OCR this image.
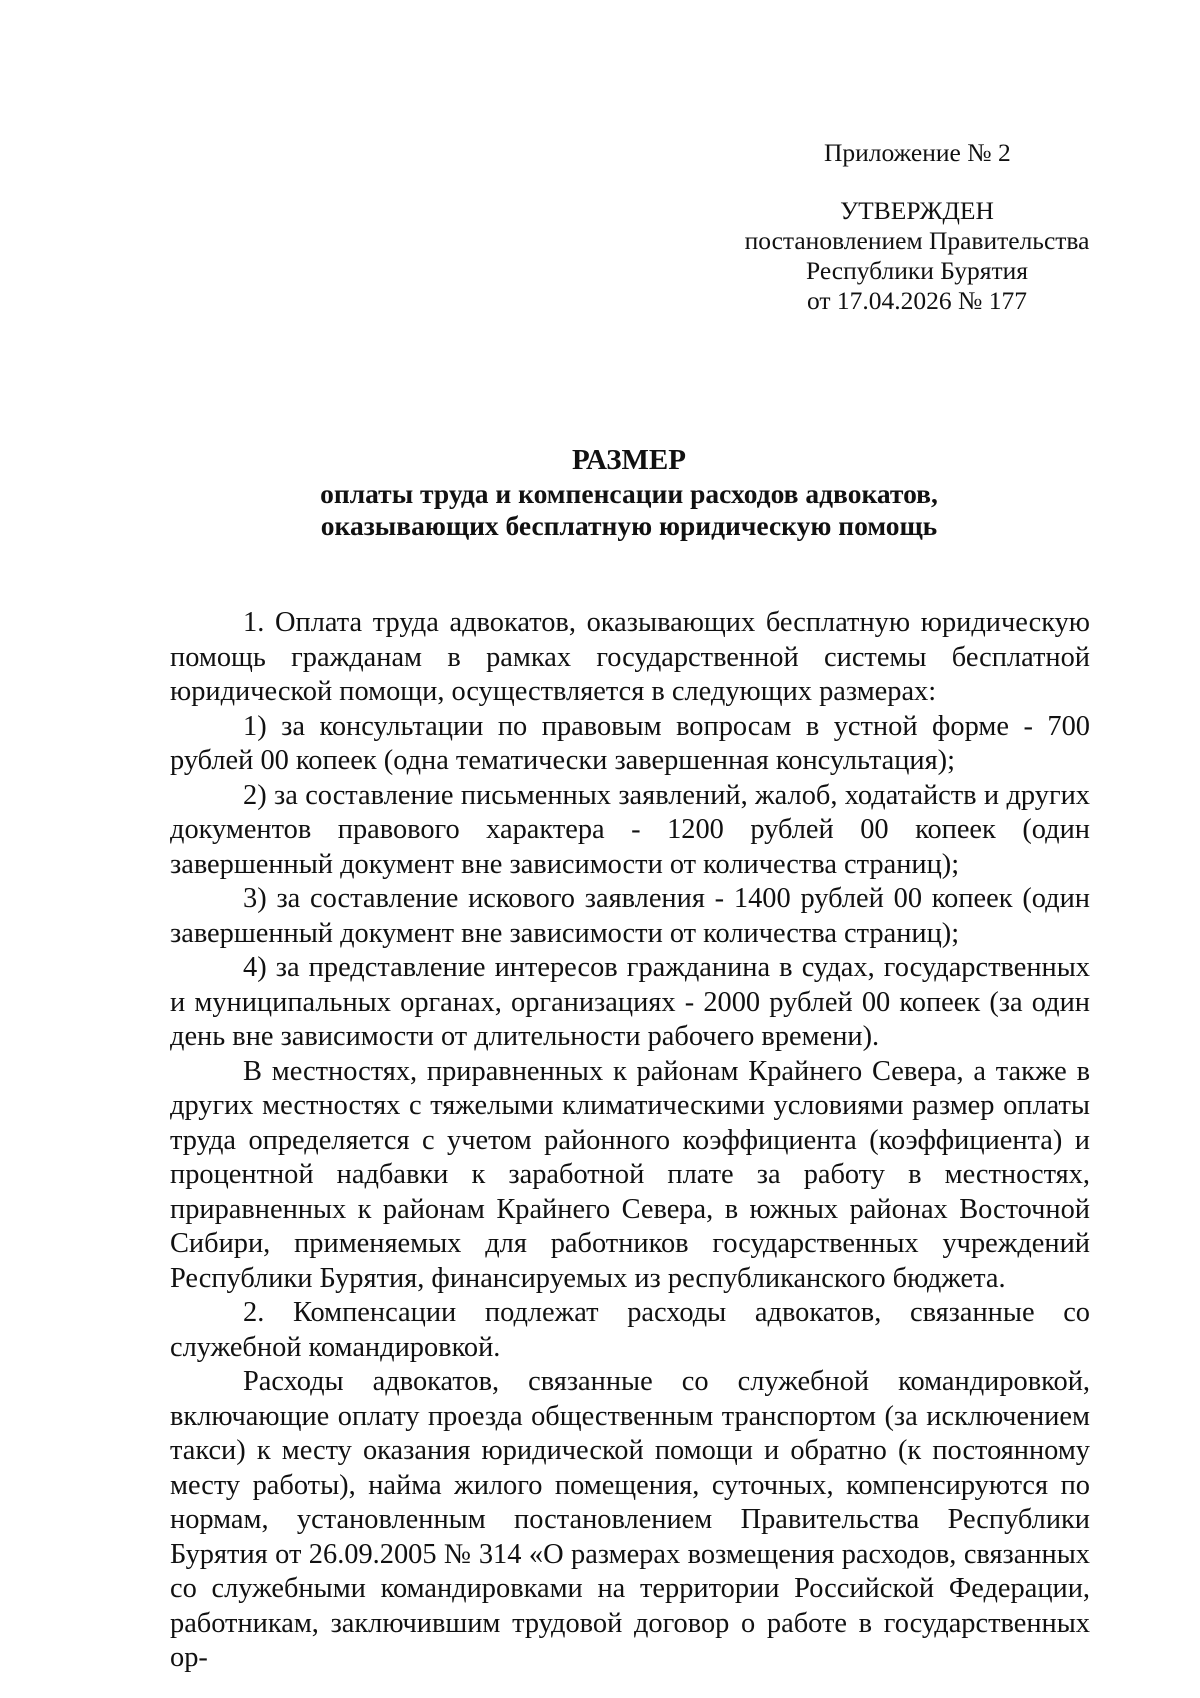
Приложение № 2
УТВЕРЖДЕН
постановлением Правительства
Республики Бурятия
от 17.04.2026 № 177
РАЗМЕР
оплаты труда и компенсации расходов адвокатов,
оказывающих бесплатную юридическую помощь

1. Оплата труда адвокатов, оказывающих бесплатную юридическую помощь гражданам в рамках государственной системы бесплатной юридической помощи, осуществляется в следующих размерах:

1) за консультации по правовым вопросам в устной форме - 700 рублей 00 копеек (одна тематически завершенная консультация);

2) за составление письменных заявлений, жалоб, ходатайств и других документов правового характера - 1200 рублей 00 копеек (один завершенный документ вне зависимости от количества страниц);

3) за составление искового заявления - 1400 рублей 00 копеек (один завершенный документ вне зависимости от количества страниц);

4) за представление интересов гражданина в судах, государственных и муниципальных органах, организациях - 2000 рублей 00 копеек (за один день вне зависимости от длительности рабочего времени).

В местностях, приравненных к районам Крайнего Севера, а также в других местностях с тяжелыми климатическими условиями размер оплаты труда определяется с учетом районного коэффициента (коэффициента) и процентной надбавки к заработной плате за работу в местностях, приравненных к районам Крайнего Севера, в южных районах Восточной Сибири, применяемых для работников государственных учреждений Республики Бурятия, финансируемых из республиканского бюджета.

2. Компенсации подлежат расходы адвокатов, связанные со служебной командировкой.

Расходы адвокатов, связанные со служебной командировкой, включающие оплату проезда общественным транспортом (за исключением такси) к месту оказания юридической помощи и обратно (к постоянному месту работы), найма жилого помещения, суточных, компенсируются по нормам, установленным постановлением Правительства Республики Бурятия от 26.09.2005 № 314 «О размерах возмещения расходов, связанных со служебными командировками на территории Российской Федерации, работникам, заключившим трудовой договор о работе в государственных ор-
